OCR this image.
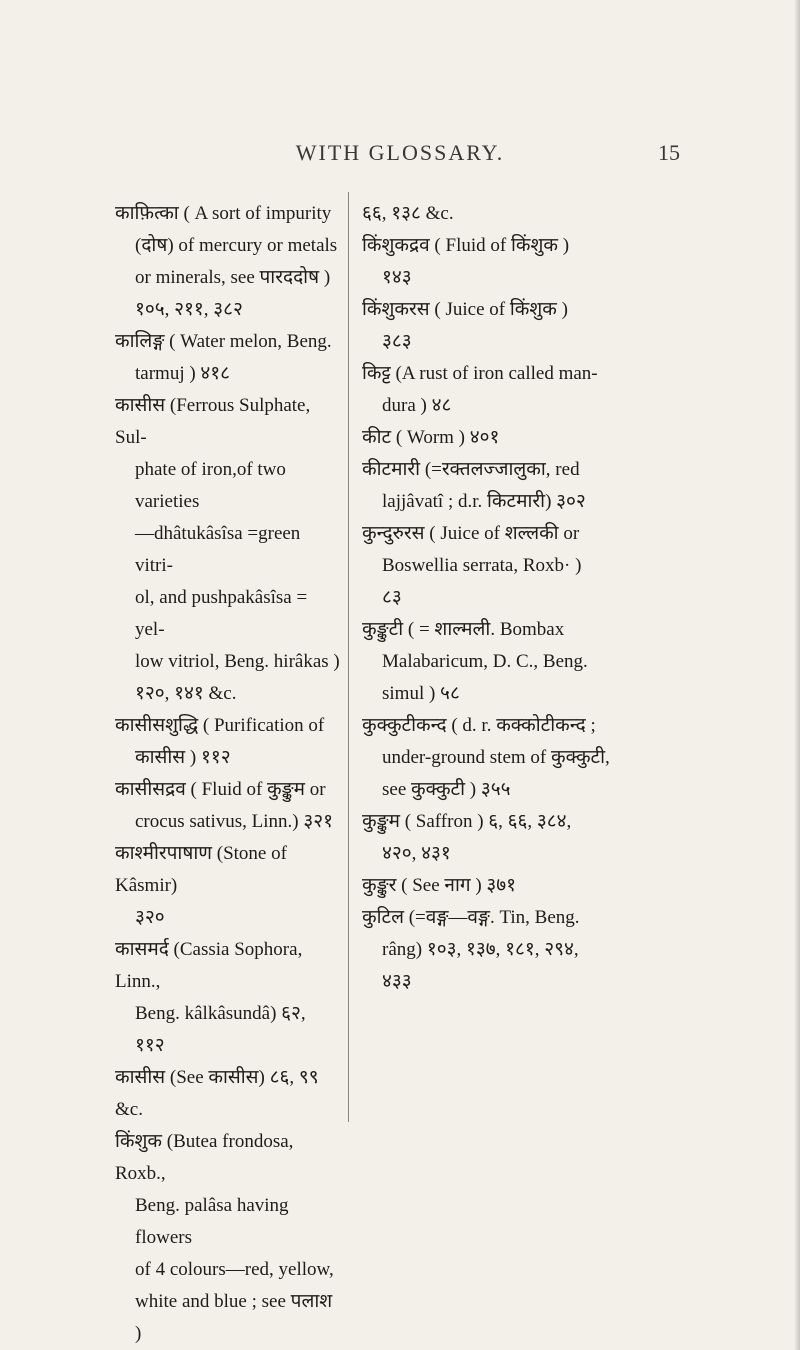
WITH GLOSSARY.	15
काफ़ित्का ( A sort of impurity
(दोष) of mercury or metals
or minerals, see पारददोष )
१०५, २११, ३८२
कालिङ्ग ( Water melon, Beng.
tarmuj ) ४१८
कासीस (Ferrous Sulphate, Sul-
phate of iron,of two varieties
—dhâtukâsîsa =green vitri-
ol, and pushpakâsîsa = yel-
low vitriol, Beng. hirâkas )
१२०, १४१ &c.
कासीसशुद्धि ( Purification of
कासीस ) ११२
कासीसद्रव ( Fluid of कुङ्कुम or
crocus sativus, Linn.) ३२१
काश्मीरपाषाण (Stone of Kâsmir)
३२०
कासमर्द (Cassia Sophora, Linn.,
Beng. kâlkâsundâ) ६२, ११२
कासीस (See कासीस) ८६, ९९ &c.
किंशुक (Butea frondosa, Roxb.,
Beng. palâsa having flowers
of 4 colours—red, yellow,
white and blue ; see पलाश )
६६, १३८ &c.
किंशुकद्रव ( Fluid of किंशुक )
१४३
किंशुकरस ( Juice of किंशुक )
३८३
किट्ट (A rust of iron called man-
dura ) ४८
कीट ( Worm ) ४०१
कीटमारी (=रक्तलज्जालुका, red
lajjâvatî ; d.r. किटमारी) ३०२
कुन्दुरुरस ( Juice of शल्लकी or
Boswellia serrata, Roxb· )
८३
कुङ्कुटी ( = शाल्मली. Bombax
Malabaricum, D. C., Beng.
simul ) ५८
कुक्कुटीकन्द ( d. r. कक्कोटीकन्द ;
under-ground stem of कुक्कुटी,
see कुक्कुटी ) ३५५
कुङ्कुम ( Saffron ) ६, ६६, ३८४,
४२०, ४३१
कुङ्कुर ( See नाग ) ३७१
कुटिल (=वङ्ग—वङ्ग. Tin, Beng.
râng) १०३, १३७, १८१, २९४,
४३३
